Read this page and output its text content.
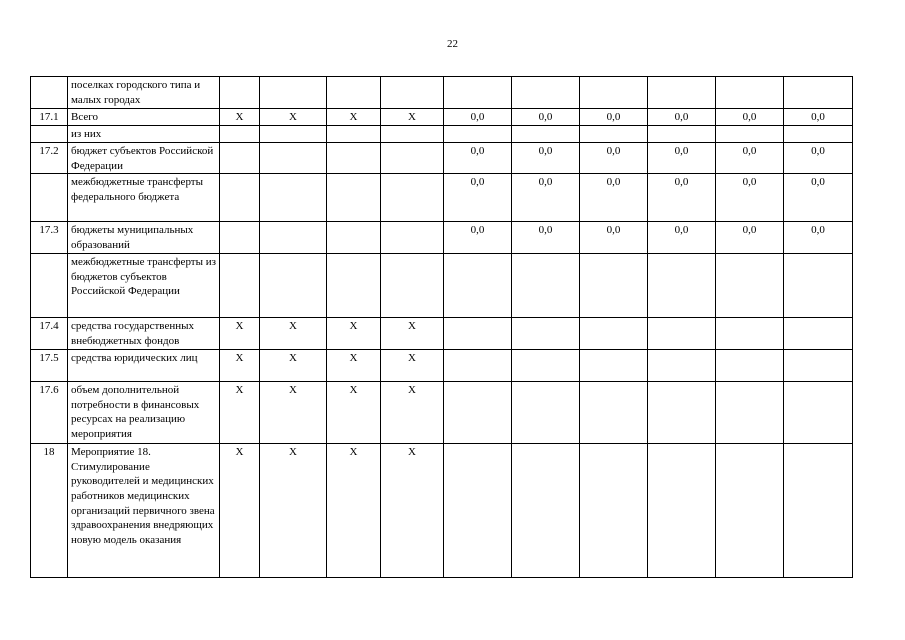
22
	поселках городского типа и малых городах										
17.1	Всего	X	X	X	X	0,0	0,0	0,0	0,0	0,0	0,0
	из них										
17.2	бюджет субъектов Российской Федерации					0,0	0,0	0,0	0,0	0,0	0,0
	межбюджетные трансферты федерального бюджета					0,0	0,0	0,0	0,0	0,0	0,0
17.3	бюджеты муниципальных образований					0,0	0,0	0,0	0,0	0,0	0,0
	межбюджетные трансферты из бюджетов субъектов Российской Федерации										
17.4	средства государственных внебюджетных фондов	X	X	X	X						
17.5	средства юридических лиц	X	X	X	X						
17.6	объем дополнительной потребности в финансовых ресурсах на реализацию мероприятия	X	X	X	X						
18	Мероприятие 18. Стимулирование руководителей и медицинских работников медицинских организаций первичного звена здравоохранения внедряющих новую модель оказания	X	X	X	X						
